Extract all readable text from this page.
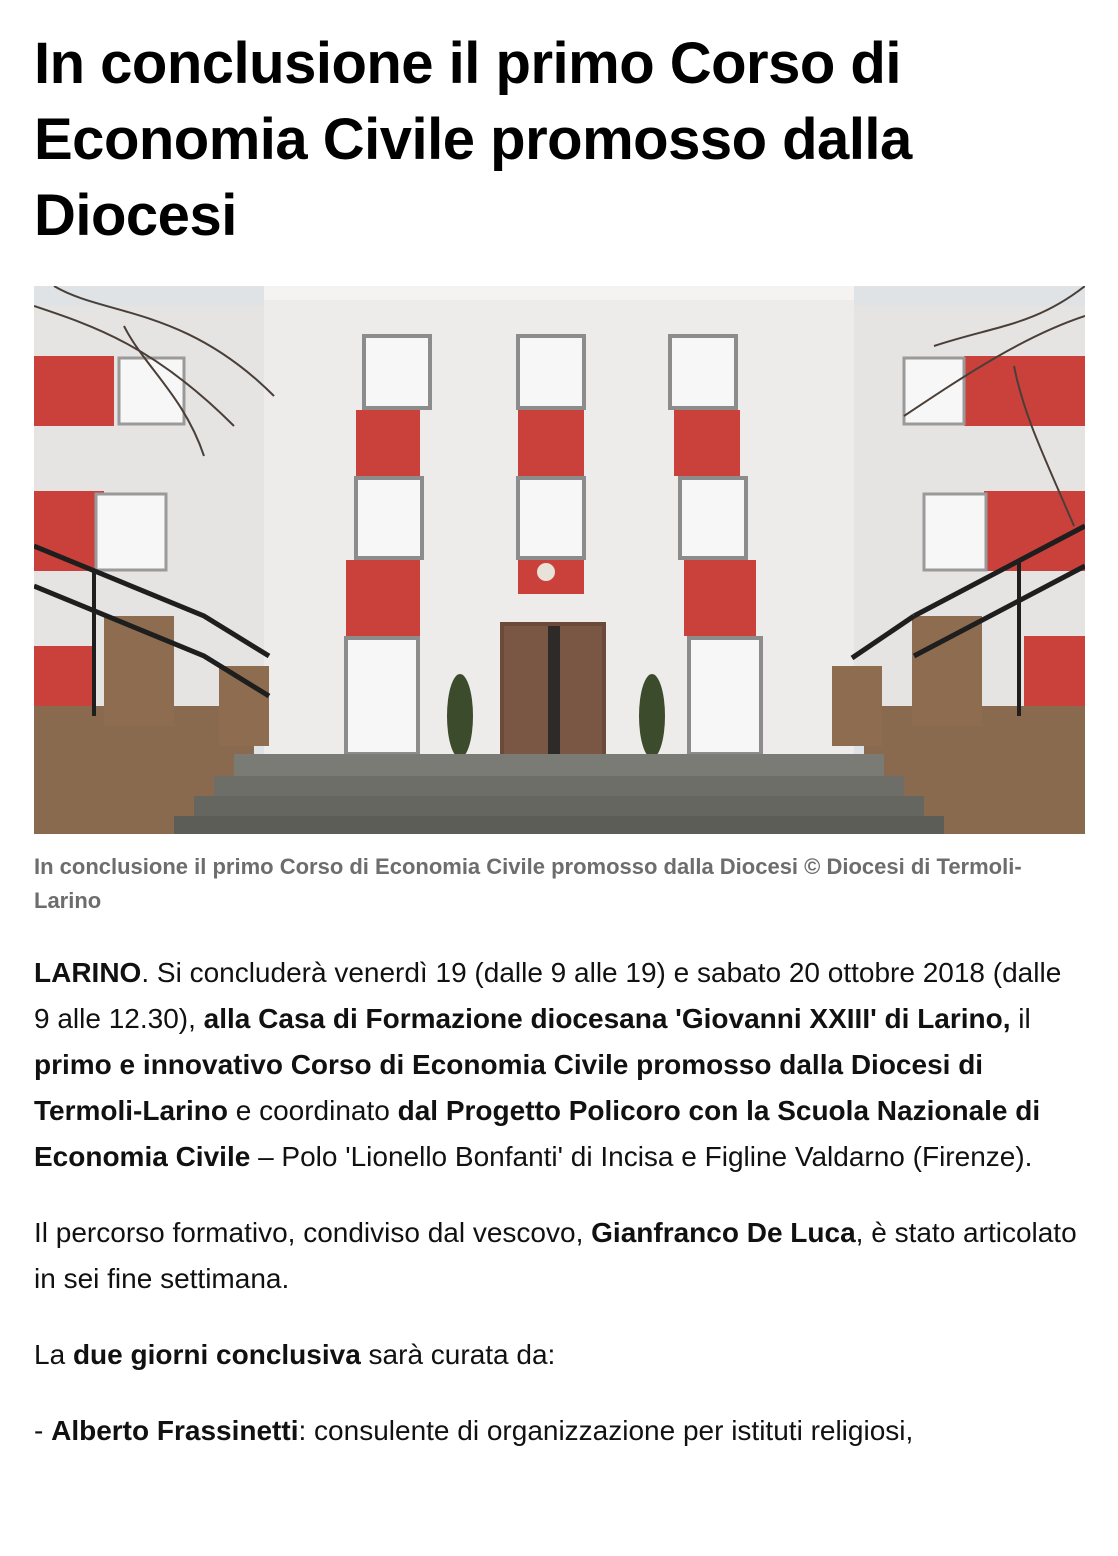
In conclusione il primo Corso di Economia Civile promosso dalla Diocesi
In conclusione il primo Corso di Economia Civile promosso dalla Diocesi © Diocesi di Termoli-Larino

LARINO. Si concluderà venerdì 19 (dalle 9 alle 19) e sabato 20 ottobre 2018 (dalle 9 alle 12.30), alla Casa di Formazione diocesana 'Giovanni XXIII' di Larino, il primo e innovativo Corso di Economia Civile promosso dalla Diocesi di Termoli-Larino e coordinato dal Progetto Policoro con la Scuola Nazionale di Economia Civile – Polo 'Lionello Bonfanti' di Incisa e Figline Valdarno (Firenze).

Il percorso formativo, condiviso dal vescovo, Gianfranco De Luca, è stato articolato in sei fine settimana.

La due giorni conclusiva sarà curata da:

- Alberto Frassinetti: consulente di organizzazione per istituti religiosi,
